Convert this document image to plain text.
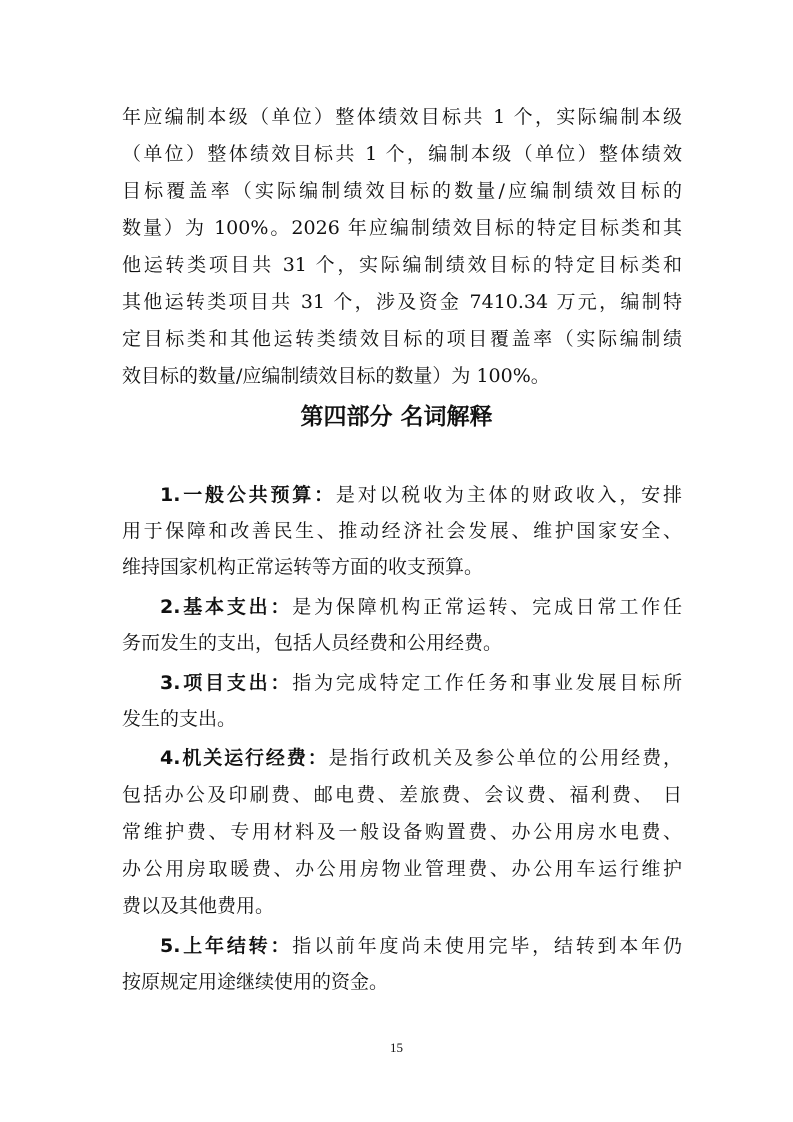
年应编制本级（单位）整体绩效目标共 1 个，实际编制本级
（单位）整体绩效目标共 1 个，编制本级（单位）整体绩效
目标覆盖率（实际编制绩效目标的数量/应编制绩效目标的
数量）为 100%。2026 年应编制绩效目标的特定目标类和其
他运转类项目共 31 个，实际编制绩效目标的特定目标类和
其他运转类项目共 31 个，涉及资金 7410.34 万元，编制特
定目标类和其他运转类绩效目标的项目覆盖率（实际编制绩
效目标的数量/应编制绩效目标的数量）为 100%。
第四部分 名词解释
1.一般公共预算：是对以税收为主体的财政收入，安排
用于保障和改善民生、推动经济社会发展、维护国家安全、
维持国家机构正常运转等方面的收支预算。
2.基本支出：是为保障机构正常运转、完成日常工作任
务而发生的支出，包括人员经费和公用经费。
3.项目支出：指为完成特定工作任务和事业发展目标所
发生的支出。
4.机关运行经费：是指行政机关及参公单位的公用经费，
包括办公及印刷费、邮电费、差旅费、会议费、福利费、 日
常维护费、专用材料及一般设备购置费、办公用房水电费、
办公用房取暖费、办公用房物业管理费、办公用车运行维护
费以及其他费用。
5.上年结转：指以前年度尚未使用完毕，结转到本年仍
按原规定用途继续使用的资金。
15
